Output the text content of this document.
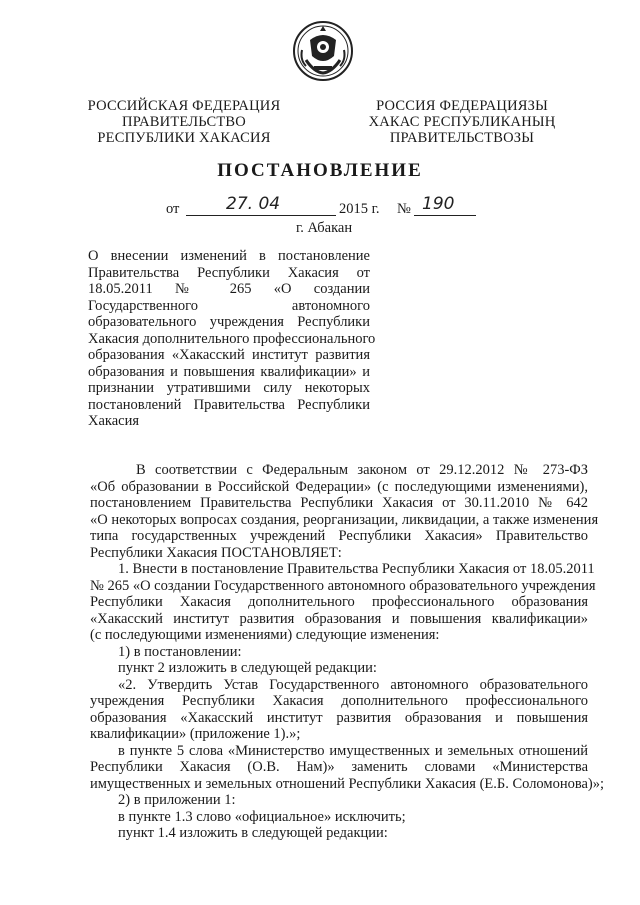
РОССИЙСКАЯ ФЕДЕРАЦИЯ
ПРАВИТЕЛЬСТВО
РЕСПУБЛИКИ ХАКАСИЯ
РОССИЯ ФЕДЕРАЦИЯЗЫ
ХАКАС РЕСПУБЛИКАНЫҢ
ПРАВИТЕЛЬСТВОЗЫ
ПОСТАНОВЛЕНИЕ
от	27. 04	2015 г. № 190
г. Абакан
О внесении изменений в постановление
Правительства Республики Хакасия от
18.05.2011 № 265 «О создании
Государственного автономного
образовательного учреждения Республики
Хакасия дополнительного профессионального
образования «Хакасский институт развития
образования и повышения квалификации» и
признании утратившими силу некоторых
постановлений Правительства Республики
Хакасия
В соответствии с Федеральным законом от 29.12.2012 № 273-ФЗ
«Об образовании в Российской Федерации» (с последующими изменениями),
постановлением Правительства Республики Хакасия от 30.11.2010 № 642
«О некоторых вопросах создания, реорганизации, ликвидации, а также изменения
типа государственных учреждений Республики Хакасия» Правительство
Республики Хакасия ПОСТАНОВЛЯЕТ:
1. Внести в постановление Правительства Республики Хакасия от 18.05.2011
№ 265 «О создании Государственного автономного образовательного учреждения
Республики Хакасия дополнительного профессионального образования
«Хакасский институт развития образования и повышения квалификации»
(с последующими изменениями) следующие изменения:
1) в постановлении:
пункт 2 изложить в следующей редакции:
«2. Утвердить Устав Государственного автономного образовательного
учреждения Республики Хакасия дополнительного профессионального
образования «Хакасский институт развития образования и повышения
квалификации» (приложение 1).»;
в пункте 5 слова «Министерство имущественных и земельных отношений
Республики Хакасия (О.В. Нам)» заменить словами «Министерства
имущественных и земельных отношений Республики Хакасия (Е.Б. Соломонова)»;
2) в приложении 1:
в пункте 1.3 слово «официальное» исключить;
пункт 1.4 изложить в следующей редакции:
